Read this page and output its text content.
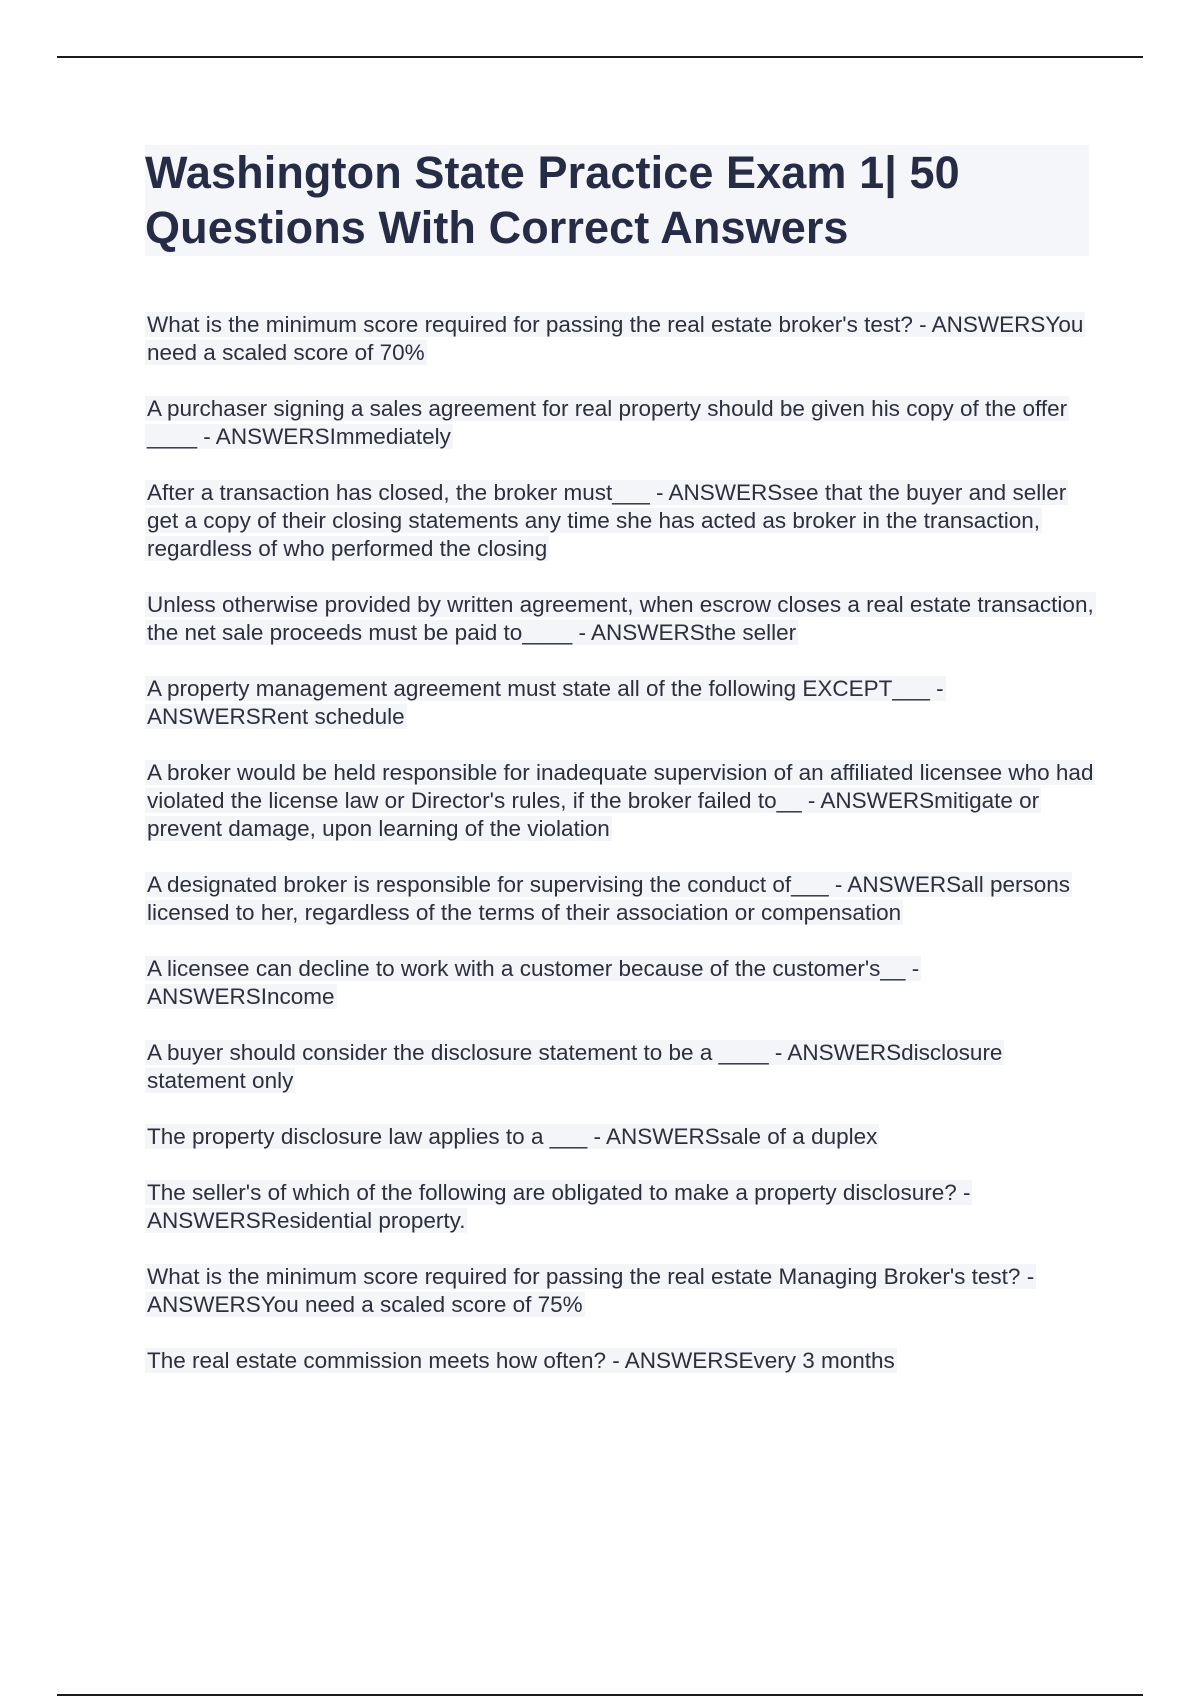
Washington State Practice Exam 1| 50 Questions With Correct Answers

What is the minimum score required for passing the real estate broker's test? - ANSWERSYou need a scaled score of 70%

A purchaser signing a sales agreement for real property should be given his copy of the offer ____ - ANSWERSImmediately

After a transaction has closed, the broker must___ - ANSWERSsee that the buyer and seller get a copy of their closing statements any time she has acted as broker in the transaction, regardless of who performed the closing

Unless otherwise provided by written agreement, when escrow closes a real estate transaction, the net sale proceeds must be paid to____ - ANSWERSthe seller

A property management agreement must state all of the following EXCEPT___ - ANSWERSRent schedule

A broker would be held responsible for inadequate supervision of an affiliated licensee who had violated the license law or Director's rules, if the broker failed to__ - ANSWERSmitigate or prevent damage, upon learning of the violation

A designated broker is responsible for supervising the conduct of___ - ANSWERSall persons licensed to her, regardless of the terms of their association or compensation

A licensee can decline to work with a customer because of the customer's__ - ANSWERSIncome

A buyer should consider the disclosure statement to be a ____ - ANSWERSdisclosure statement only

The property disclosure law applies to a ___ - ANSWERSsale of a duplex

The seller's of which of the following are obligated to make a property disclosure? - ANSWERSResidential property.

What is the minimum score required for passing the real estate Managing Broker's test? - ANSWERSYou need a scaled score of 75%

The real estate commission meets how often? - ANSWERSEvery 3 months
